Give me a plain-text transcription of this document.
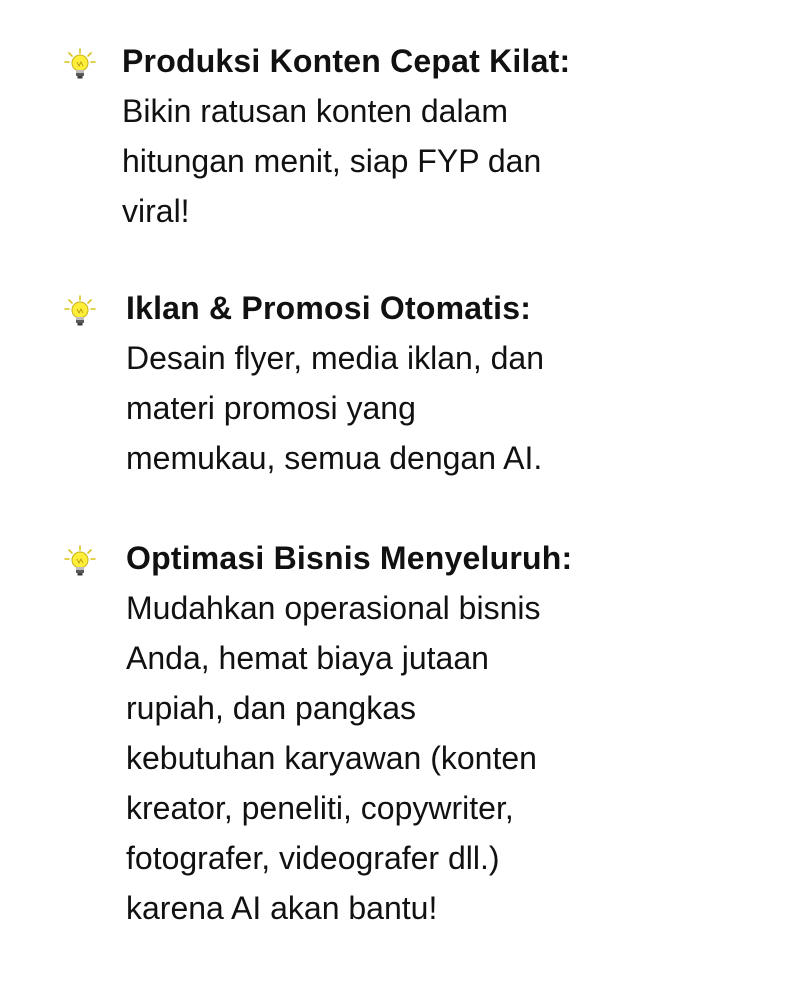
Produksi Konten Cepat Kilat:

Bikin ratusan konten dalam

hitungan menit, siap FYP dan

viral!

Iklan & Promosi Otomatis:

Desain flyer, media iklan, dan

materi promosi yang

memukau, semua dengan AI.

Optimasi Bisnis Menyeluruh:

Mudahkan operasional bisnis

Anda, hemat biaya jutaan

rupiah, dan pangkas

kebutuhan karyawan (konten

kreator, peneliti, copywriter,

fotografer, videografer dll.)

karena AI akan bantu!
